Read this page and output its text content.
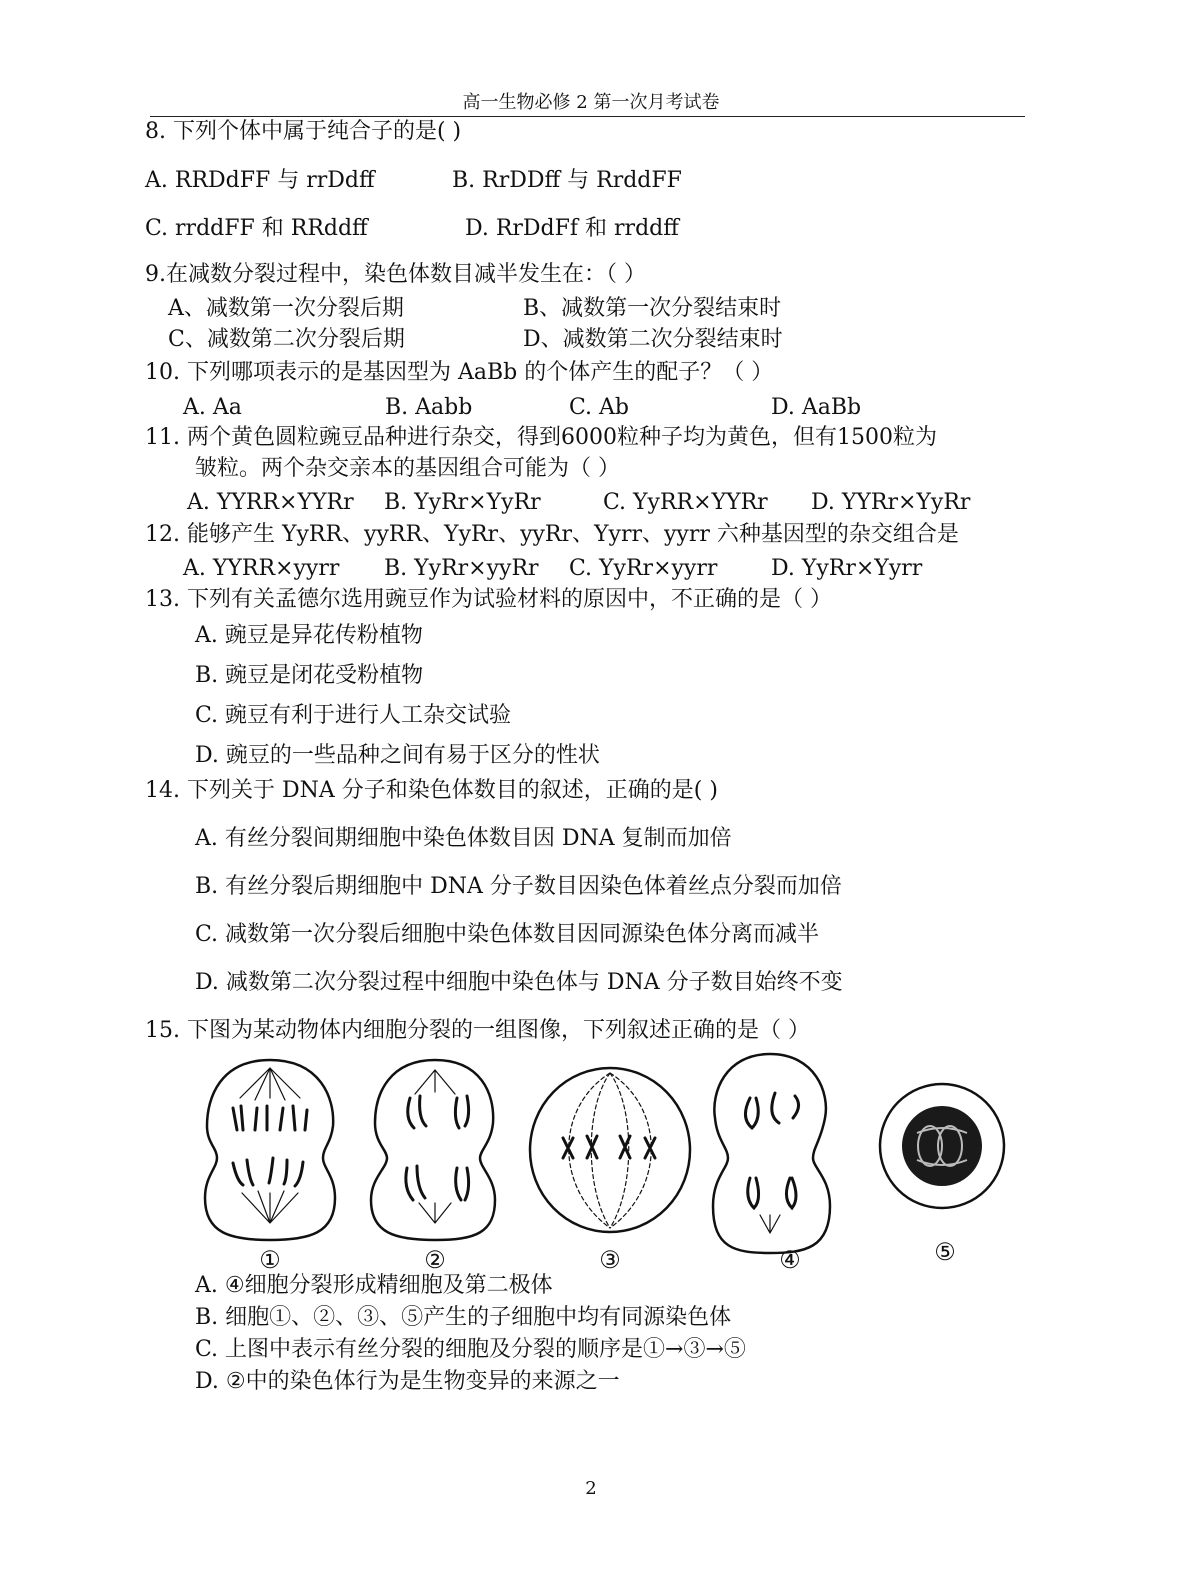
高一生物必修 2 第一次月考试卷
8. 下列个体中属于纯合子的是( )
A. RRDdFF 与 rrDdff	B. RrDDff 与 RrddFF
C. rrddFF 和 RRddff	D. RrDdFf 和 rrddff
9.在减数分裂过程中，染色体数目减半发生在：（ ）
A、减数第一次分裂后期	B、减数第一次分裂结束时
C、减数第二次分裂后期	D、减数第二次分裂结束时
10. 下列哪项表示的是基因型为 AaBb 的个体产生的配子？（ ）
A. Aa	B. Aabb	C. Ab	D. AaBb
11. 两个黄色圆粒豌豆品种进行杂交，得到6000粒种子均为黄色，但有1500粒为
皱粒。两个杂交亲本的基因组合可能为（ ）
A. YYRR×YYRr B. YyRr×YyRr	C. YyRR×YYRr D. YYRr×YyRr
12. 能够产生 YyRR、yyRR、YyRr、yyRr、Yyrr、yyrr 六种基因型的杂交组合是
A. YYRR×yyrr B. YyRr×yyRr C. YyRr×yyrr D. YyRr×Yyrr
13. 下列有关孟德尔选用豌豆作为试验材料的原因中，不正确的是（ ）
A. 豌豆是异花传粉植物
B. 豌豆是闭花受粉植物
C. 豌豆有利于进行人工杂交试验
D. 豌豆的一些品种之间有易于区分的性状
14. 下列关于 DNA 分子和染色体数目的叙述，正确的是( )
A. 有丝分裂间期细胞中染色体数目因 DNA 复制而加倍
B. 有丝分裂后期细胞中 DNA 分子数目因染色体着丝点分裂而加倍
C. 减数第一次分裂后细胞中染色体数目因同源染色体分离而减半
D. 减数第二次分裂过程中细胞中染色体与 DNA 分子数目始终不变
15. 下图为某动物体内细胞分裂的一组图像，下列叙述正确的是（ ）
①	②	③	④	⑤
A. ④细胞分裂形成精细胞及第二极体
B. 细胞①、②、③、⑤产生的子细胞中均有同源染色体
C. 上图中表示有丝分裂的细胞及分裂的顺序是①→③→⑤
D. ②中的染色体行为是生物变异的来源之一
2
